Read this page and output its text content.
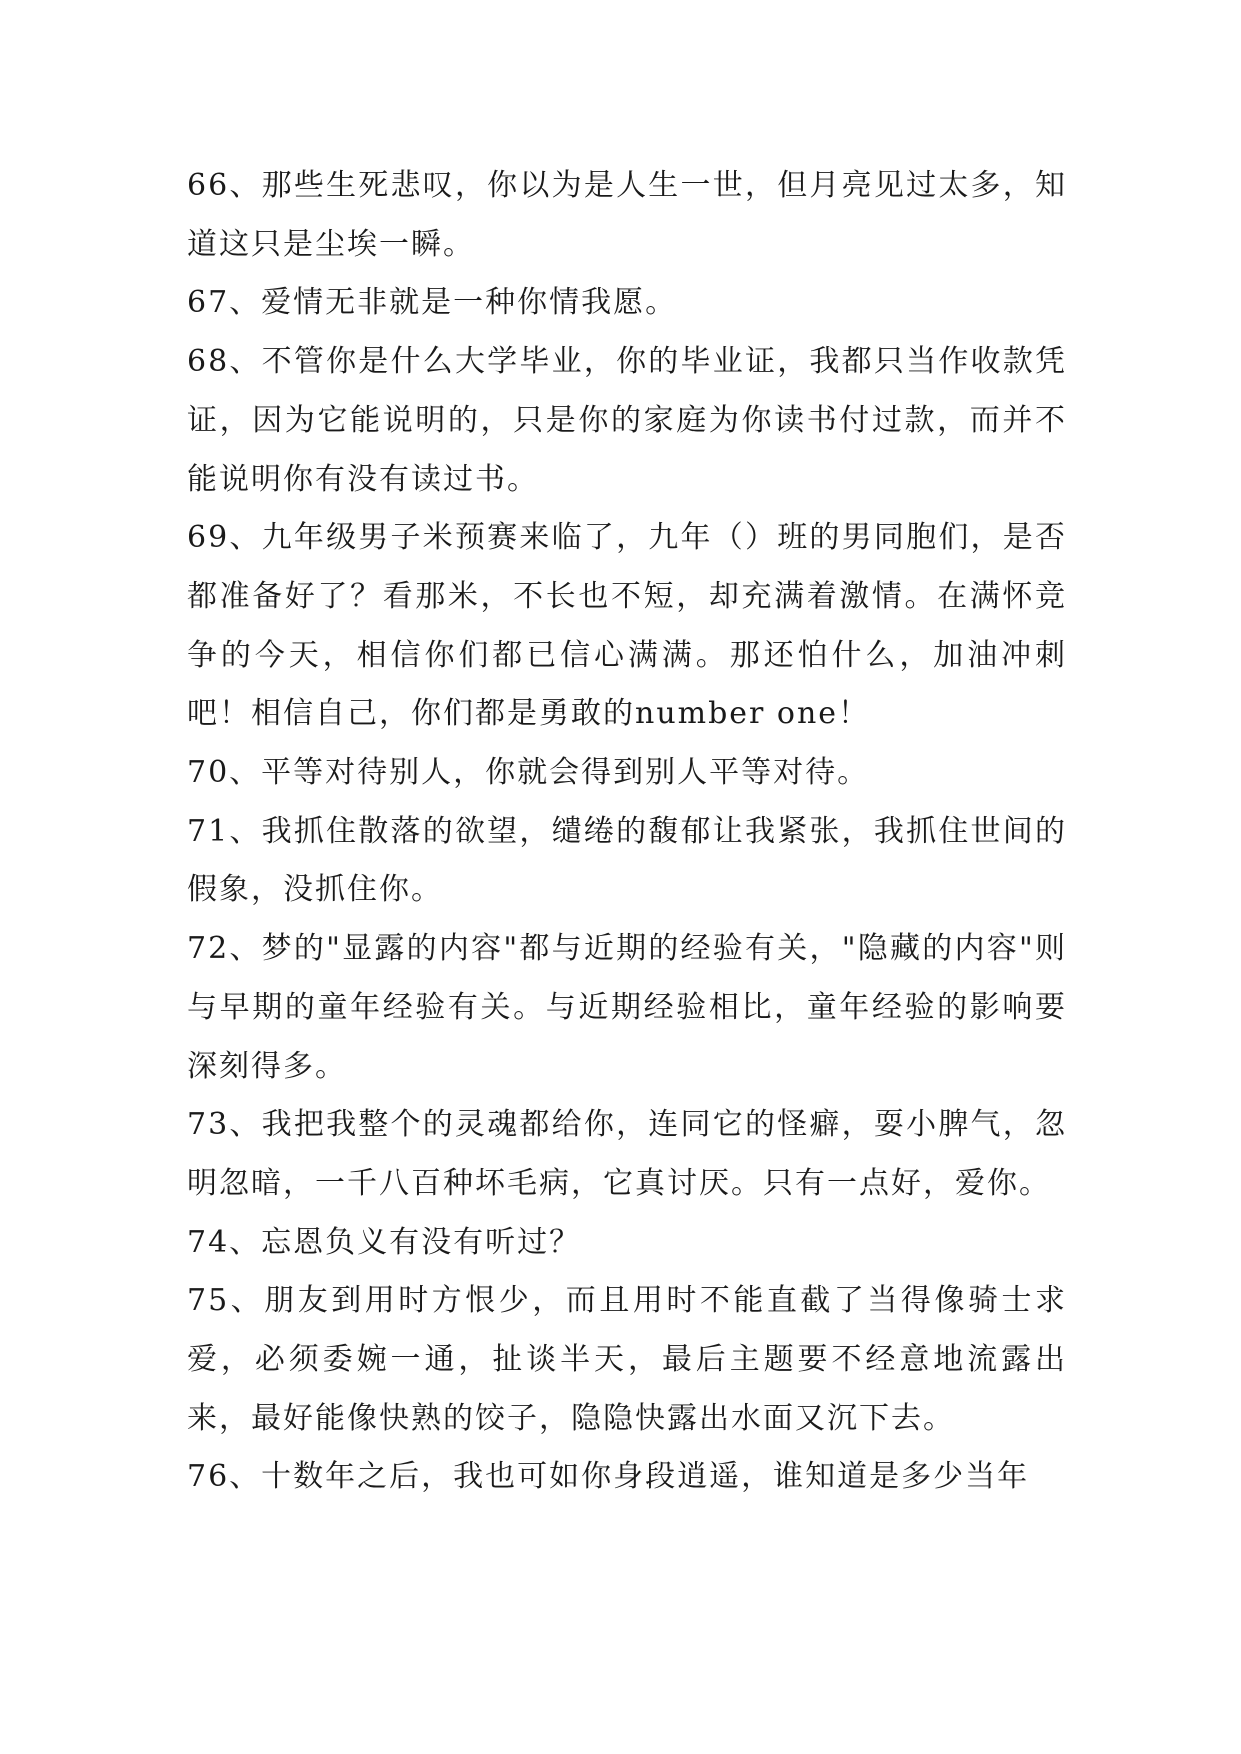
66、那些生死悲叹，你以为是人生一世，但月亮见过太多，知道这只是尘埃一瞬。

67、爱情无非就是一种你情我愿。

68、不管你是什么大学毕业，你的毕业证，我都只当作收款凭证，因为它能说明的，只是你的家庭为你读书付过款，而并不能说明你有没有读过书。

69、九年级男子米预赛来临了，九年（）班的男同胞们，是否都准备好了？看那米，不长也不短，却充满着激情。在满怀竞争的今天，相信你们都已信心满满。那还怕什么，加油冲刺吧！相信自己，你们都是勇敢的number one！

70、平等对待别人，你就会得到别人平等对待。

71、我抓住散落的欲望，缱绻的馥郁让我紧张，我抓住世间的假象，没抓住你。

72、梦的"显露的内容"都与近期的经验有关，"隐藏的内容"则与早期的童年经验有关。与近期经验相比，童年经验的影响要深刻得多。

73、我把我整个的灵魂都给你，连同它的怪癖，耍小脾气，忽明忽暗，一千八百种坏毛病，它真讨厌。只有一点好，爱你。

74、忘恩负义有没有听过？

75、朋友到用时方恨少，而且用时不能直截了当得像骑士求爱，必须委婉一通，扯谈半天，最后主题要不经意地流露出来，最好能像快熟的饺子，隐隐快露出水面又沉下去。

76、十数年之后，我也可如你身段逍遥，谁知道是多少当年
